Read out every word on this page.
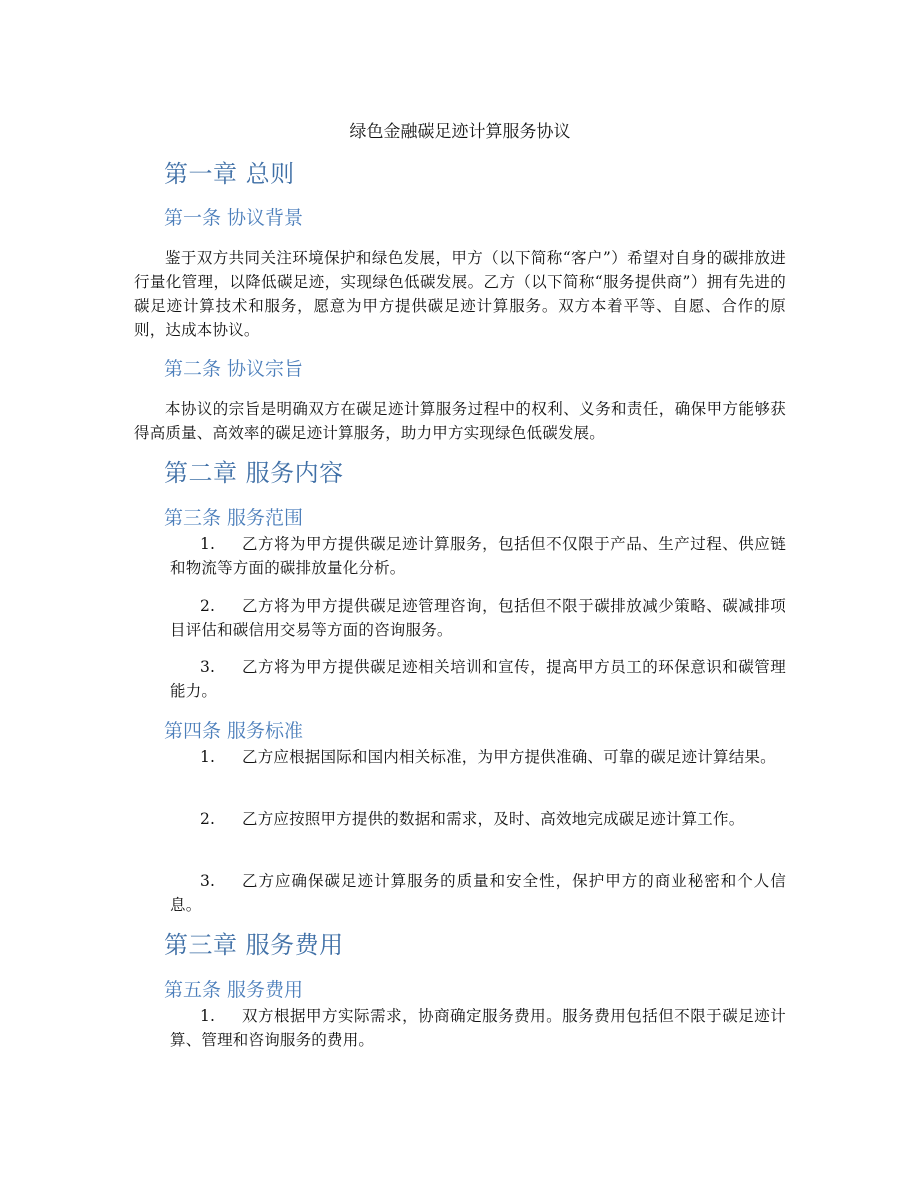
绿色金融碳足迹计算服务协议
第一章 总则
第一条 协议背景
鉴于双方共同关注环境保护和绿色发展，甲方（以下简称“客户”）希望对自身的碳排放进行量化管理，以降低碳足迹，实现绿色低碳发展。乙方（以下简称“服务提供商”）拥有先进的碳足迹计算技术和服务，愿意为甲方提供碳足迹计算服务。双方本着平等、自愿、合作的原则，达成本协议。
第二条 协议宗旨
本协议的宗旨是明确双方在碳足迹计算服务过程中的权利、义务和责任，确保甲方能够获得高质量、高效率的碳足迹计算服务，助力甲方实现绿色低碳发展。
第二章 服务内容
第三条 服务范围
1.	乙方将为甲方提供碳足迹计算服务，包括但不仅限于产品、生产过程、供应链和物流等方面的碳排放量化分析。
2.	乙方将为甲方提供碳足迹管理咨询，包括但不限于碳排放减少策略、碳减排项目评估和碳信用交易等方面的咨询服务。
3.	乙方将为甲方提供碳足迹相关培训和宣传，提高甲方员工的环保意识和碳管理能力。
第四条 服务标准
1.	乙方应根据国际和国内相关标准，为甲方提供准确、可靠的碳足迹计算结果。
2.	乙方应按照甲方提供的数据和需求，及时、高效地完成碳足迹计算工作。
3.	乙方应确保碳足迹计算服务的质量和安全性，保护甲方的商业秘密和个人信息。
第三章 服务费用
第五条 服务费用
1.	双方根据甲方实际需求，协商确定服务费用。服务费用包括但不限于碳足迹计算、管理和咨询服务的费用。
